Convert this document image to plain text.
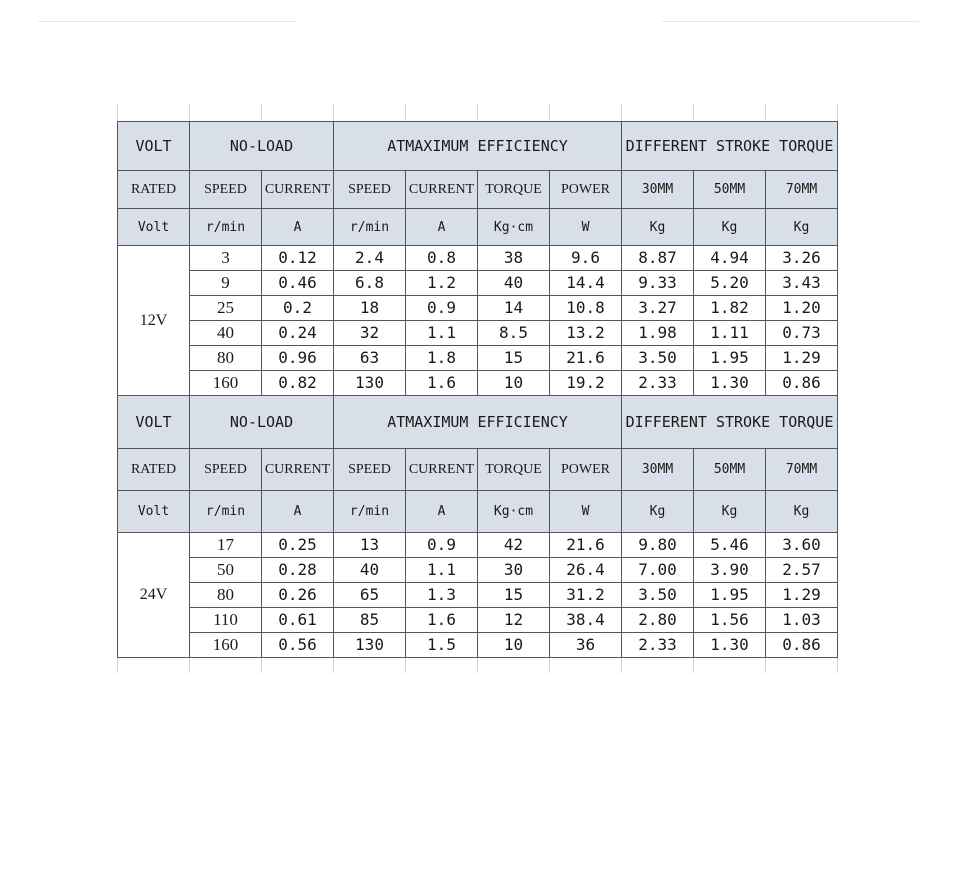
VOLT	NO-LOAD		ATMAXIMUM EFFICIENCY				DIFFERENT STROKE TORQUE		
RATED	SPEED	CURRENT	SPEED	CURRENT	TORQUE	POWER	30MM	50MM	70MM
Volt	r/min	A	r/min	A	Kg·cm	W	Kg	Kg	Kg
12V	3	0.12	2.4	0.8	38	9.6	8.87	4.94	3.26
	9	0.46	6.8	1.2	40	14.4	9.33	5.20	3.43
	25	0.2	18	0.9	14	10.8	3.27	1.82	1.20
	40	0.24	32	1.1	8.5	13.2	1.98	1.11	0.73
	80	0.96	63	1.8	15	21.6	3.50	1.95	1.29
	160	0.82	130	1.6	10	19.2	2.33	1.30	0.86
VOLT	NO-LOAD		ATMAXIMUM EFFICIENCY				DIFFERENT STROKE TORQUE		
RATED	SPEED	CURRENT	SPEED	CURRENT	TORQUE	POWER	30MM	50MM	70MM
Volt	r/min	A	r/min	A	Kg·cm	W	Kg	Kg	Kg
24V	17	0.25	13	0.9	42	21.6	9.80	5.46	3.60
	50	0.28	40	1.1	30	26.4	7.00	3.90	2.57
	80	0.26	65	1.3	15	31.2	3.50	1.95	1.29
	110	0.61	85	1.6	12	38.4	2.80	1.56	1.03
	160	0.56	130	1.5	10	36	2.33	1.30	0.86
